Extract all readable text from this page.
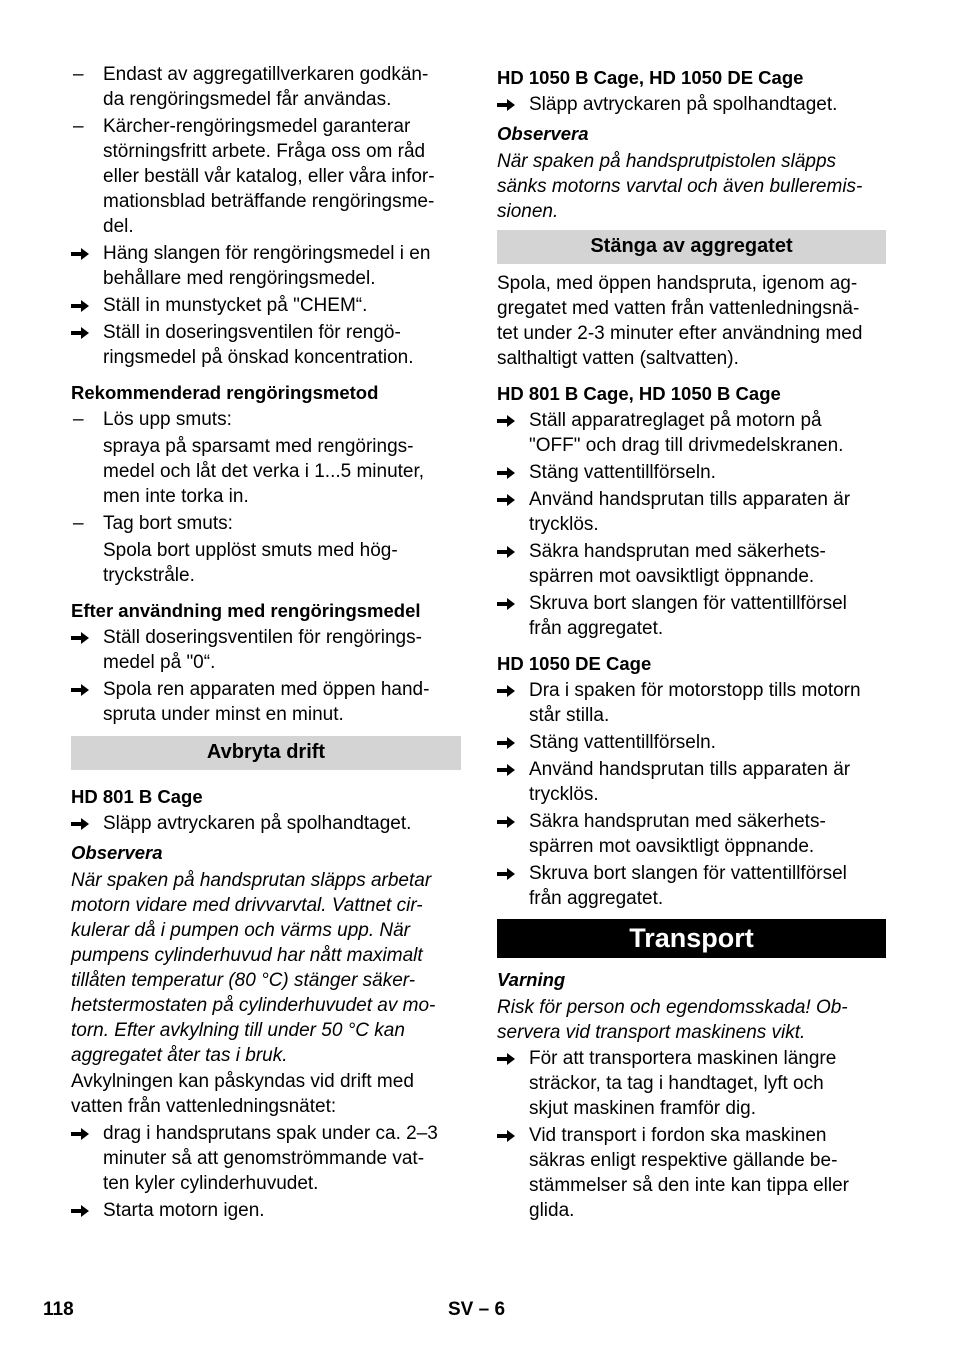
–	Endast av aggregatillverkaren godkän-
da rengöringsmedel får användas.
–	Kärcher-rengöringsmedel garanterar
störningsfritt arbete. Fråga oss om råd
eller beställ vår katalog, eller våra infor-
mationsblad beträffande rengöringsme-
del.
Häng slangen för rengöringsmedel i en
behållare med rengöringsmedel.
Ställ in munstycket på "CHEM“.
Ställ in doseringsventilen för rengö-
ringsmedel på önskad koncentration.
Rekommenderad rengöringsmetod
–	Lös upp smuts:
spraya på sparsamt med rengörings-
medel och låt det verka i 1...5 minuter,
men inte torka in.
–	Tag bort smuts:
Spola bort upplöst smuts med hög-
tryckstråle.
Efter användning med rengöringsmedel
Ställ doseringsventilen för rengörings-
medel på "0“.
Spola ren apparaten med öppen hand-
spruta under minst en minut.
Avbryta drift
HD 801 B Cage
Släpp avtryckaren på spolhandtaget.
Observera
När spaken på handsprutan släpps arbetar
motorn vidare med drivvarvtal. Vattnet cir-
kulerar då i pumpen och värms upp. När
pumpens cylinderhuvud har nått maximalt
tillåten temperatur (80 °C) stänger säker-
hetstermostaten på cylinderhuvudet av mo-
torn. Efter avkylning till under 50 °C kan
aggregatet åter tas i bruk.
Avkylningen kan påskyndas vid drift med
vatten från vattenledningsnätet:
drag i handsprutans spak under ca. 2–3
minuter så att genomströmmande vat-
ten kyler cylinderhuvudet.
Starta motorn igen.
HD 1050 B Cage, HD 1050 DE Cage
Släpp avtryckaren på spolhandtaget.
Observera
När spaken på handsprutpistolen släpps
sänks motorns varvtal och även bulleremis-
sionen.
Stänga av aggregatet
Spola, med öppen handspruta, igenom ag-
gregatet med vatten från vattenledningsnä-
tet under 2-3 minuter efter användning med
salthaltigt vatten (saltvatten).
HD 801 B Cage, HD 1050 B Cage
Ställ apparatreglaget på motorn på
"OFF" och drag till drivmedelskranen.
Stäng vattentillförseln.
Använd handsprutan tills apparaten är
trycklös.
Säkra handsprutan med säkerhets-
spärren mot oavsiktligt öppnande.
Skruva bort slangen för vattentillförsel
från aggregatet.
HD 1050 DE Cage
Dra i spaken för motorstopp tills motorn
står stilla.
Stäng vattentillförseln.
Använd handsprutan tills apparaten är
trycklös.
Säkra handsprutan med säkerhets-
spärren mot oavsiktligt öppnande.
Skruva bort slangen för vattentillförsel
från aggregatet.
Transport
Varning
Risk för person och egendomsskada! Ob-
servera vid transport maskinens vikt.
För att transportera maskinen längre
sträckor, ta tag i handtaget, lyft och
skjut maskinen framför dig.
Vid transport i fordon ska maskinen
säkras enligt respektive gällande be-
stämmelser så den inte kan tippa eller
glida.
118	SV – 6
